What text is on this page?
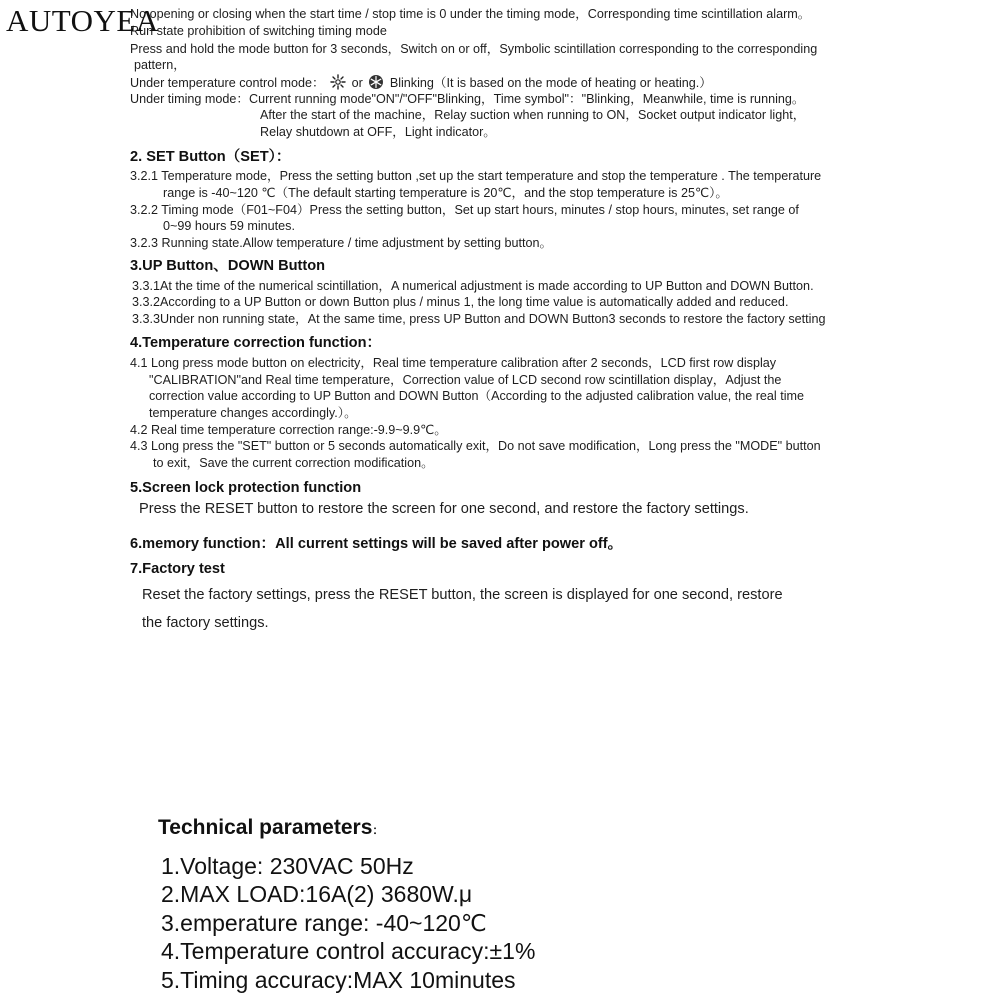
AUTOYEA
No opening or closing when the start time / stop time is 0 under the timing mode，Corresponding time scintillation alarm。
Run state prohibition of switching timing mode
Press and hold the mode button for 3 seconds，Switch on or off，Symbolic scintillation corresponding to the corresponding
pattern，
Under temperature control mode： or Blinking（It is based on the mode of heating or heating.）
Under timing mode：Current running mode"ON"/"OFF"Blinking，Time symbol"："Blinking，Meanwhile, time is running。
After the start of the machine，Relay suction when running to ON，Socket output indicator light，
Relay shutdown at OFF，Light indicator。
2. SET Button（SET）：
3.2.1 Temperature mode，Press the setting button ,set up the start temperature and stop the temperature . The temperature
range is -40~120 ℃（The default starting temperature is 20℃，and the stop temperature is 25℃）。
3.2.2 Timing mode（F01~F04）Press the setting button，Set up start hours, minutes / stop hours, minutes, set range of
0~99 hours 59 minutes.
3.2.3 Running state.Allow temperature / time adjustment by setting button。
3.UP Button、DOWN Button
3.3.1At the time of the numerical scintillation，A numerical adjustment is made according to UP Button and DOWN Button.
3.3.2According to a UP Button or down Button plus / minus 1, the long time value is automatically added and reduced.
3.3.3Under non running state，At the same time, press UP Button and DOWN Button3 seconds to restore the factory setting
4.Temperature correction function：
4.1 Long press mode button on electricity，Real time temperature calibration after 2 seconds，LCD first row display
"CALIBRATION"and Real time temperature，Correction value of LCD second row scintillation display，Adjust the
correction value according to UP Button and DOWN Button（According to the adjusted calibration value, the real time
temperature changes accordingly.）。
4.2 Real time temperature correction range:-9.9~9.9℃。
4.3 Long press the "SET" button or 5 seconds automatically exit，Do not save modification，Long press the "MODE" button
to exit，Save the current correction modification。
5.Screen lock protection function
Press the RESET button to restore the screen for one second, and restore the factory settings.
6.memory function：All current settings will be saved after power off。
7.Factory test
Reset the factory settings, press the RESET button, the screen is displayed for one second, restore
the factory settings.
Technical parameters：
1.Voltage: 230VAC 50Hz
2.MAX LOAD:16A(2) 3680W.μ
3.emperature range: -40~120℃
4.Temperature control accuracy:±1%
5.Timing accuracy:MAX 10minutes
